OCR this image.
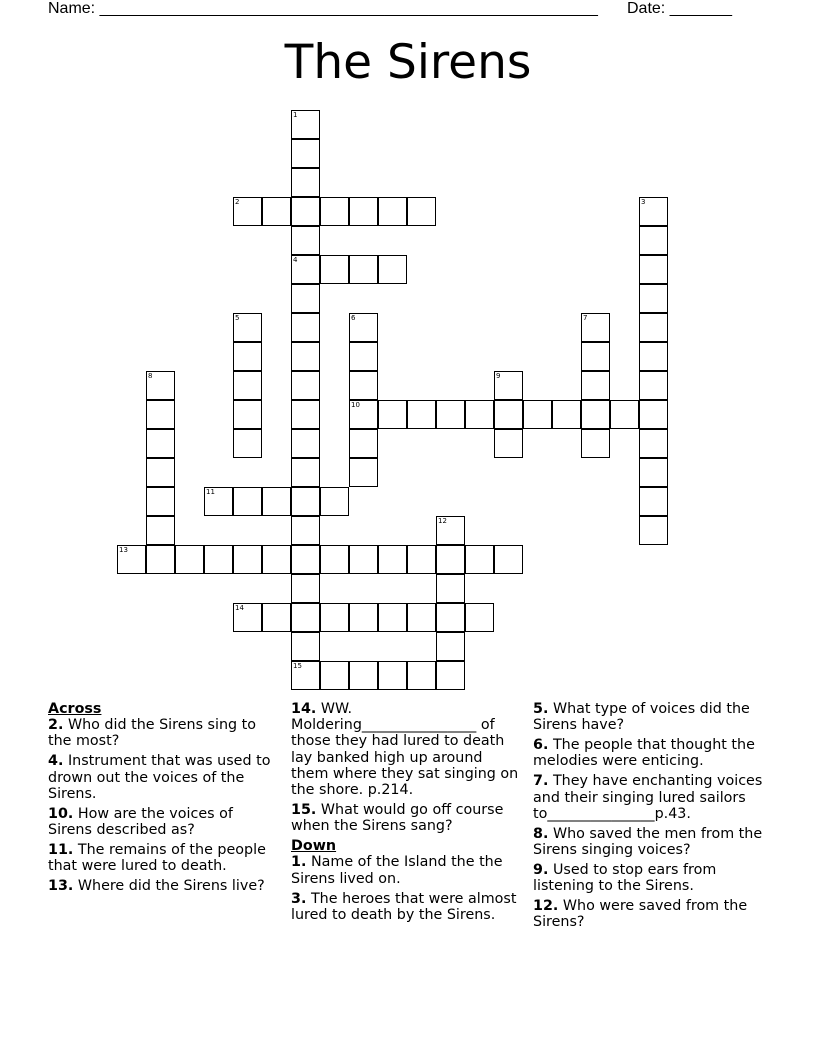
Name: ________________________________________________________

Date: _______

The Sirens
1
4
15
2	3
5	6
10
7
8	9
11
12
13
14
Across
2. Who did the Sirens sing to the most?
4. Instrument that was used to drown out the voices of the Sirens.
10. How are the voices of Sirens described as?
11. The remains of the people that were lured to death.
13. Where did the Sirens live?
14. WW. Moldering________________ of those they had lured to death lay banked high up around them where they sat singing on the shore. p.214.
15. What would go off course when the Sirens sang?
Down
1. Name of the Island the the Sirens lived on.
3. The heroes that were almost lured to death by the Sirens.
5. What type of voices did the Sirens have?
6. The people that thought the melodies were enticing.
7. They have enchanting voices and their singing lured sailors to_______________p.43.
8. Who saved the men from the Sirens singing voices?
9. Used to stop ears from listening to the Sirens.
12. Who were saved from the Sirens?
